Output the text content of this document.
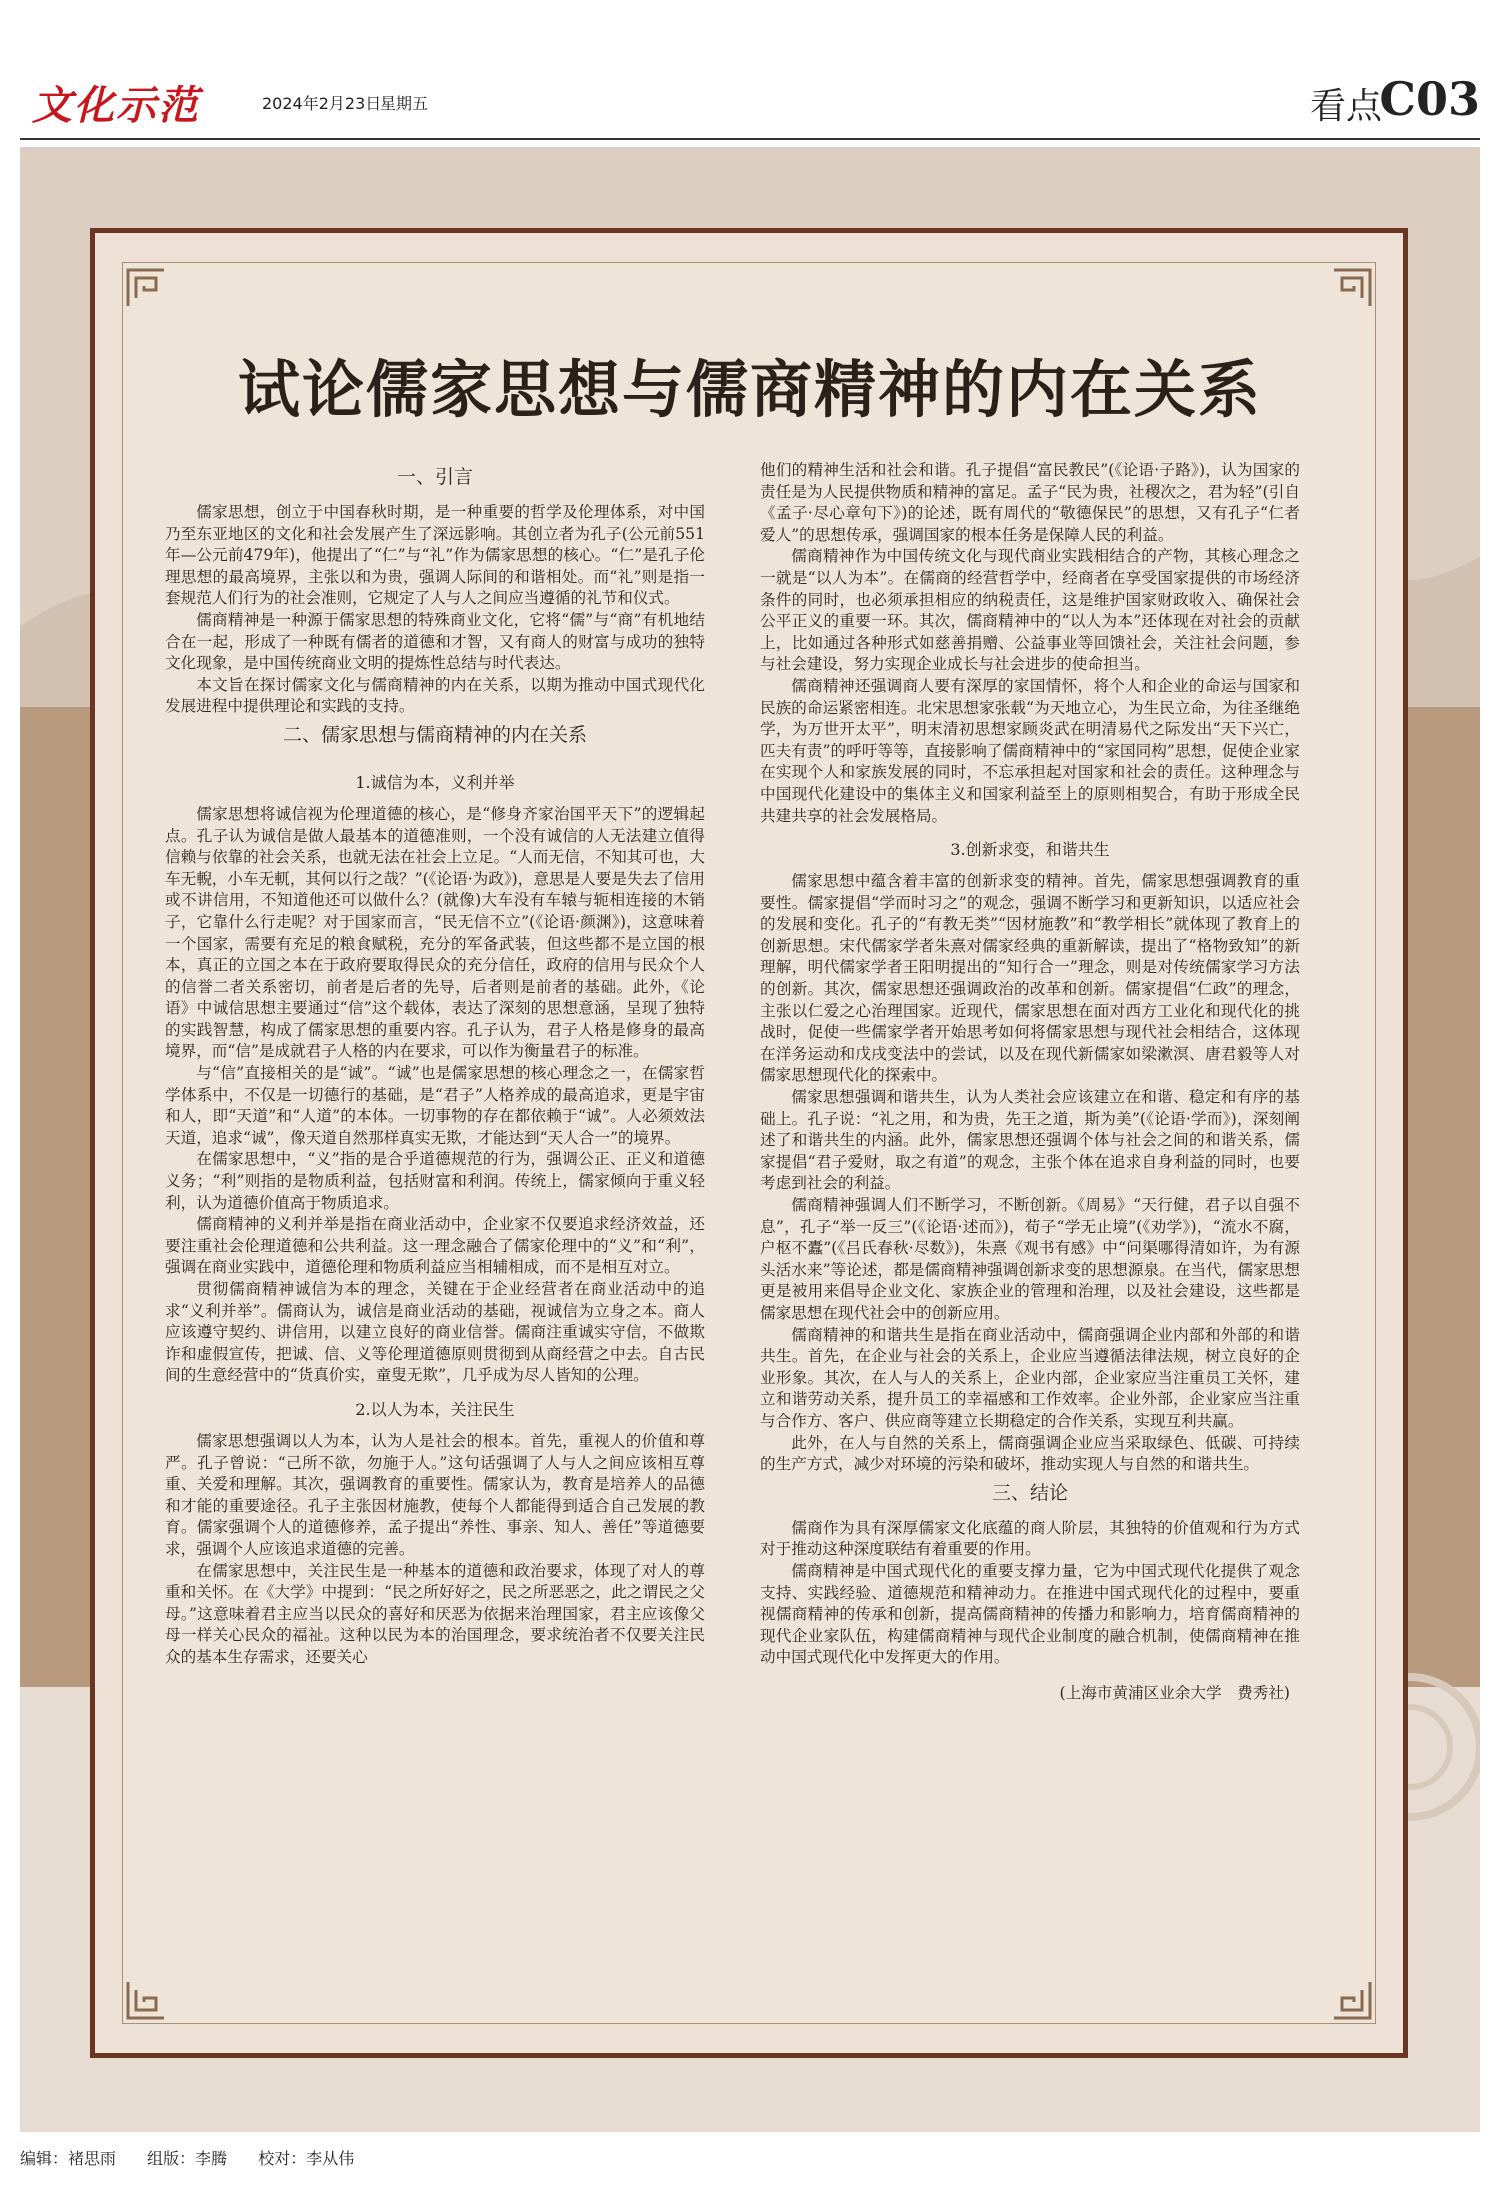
文化示范	2024年2月23日
星期五	看点
C03
试论儒家思想与儒商精神的内在关系
一、引言

儒家思想，创立于中国春秋时期，是一种重要的哲学及伦理体系，对中国乃至东亚地区的文化和社会发展产生了深远影响。其创立者为孔子(公元前551年—公元前479年)，他提出了“仁”与“礼”作为儒家思想的核心。“仁”是孔子伦理思想的最高境界，主张以和为贵，强调人际间的和谐相处。而“礼”则是指一套规范人们行为的社会准则，它规定了人与人之间应当遵循的礼节和仪式。

儒商精神是一种源于儒家思想的特殊商业文化，它将“儒”与“商”有机地结合在一起，形成了一种既有儒者的道德和才智，又有商人的财富与成功的独特文化现象，是中国传统商业文明的提炼性总结与时代表达。

本文旨在探讨儒家文化与儒商精神的内在关系，以期为推动中国式现代化发展进程中提供理论和实践的支持。

二、儒家思想与儒商精神的内在关系
1.诚信为本，义利并举

儒家思想将诚信视为伦理道德的核心，是“修身齐家治国平天下”的逻辑起点。孔子认为诚信是做人最基本的道德准则，一个没有诚信的人无法建立值得信赖与依靠的社会关系，也就无法在社会上立足。“人而无信，不知其可也，大车无輗，小车无軏，其何以行之哉？”(《论语·为政》)，意思是人要是失去了信用或不讲信用，不知道他还可以做什么？(就像)大车没有车辕与轭相连接的木销子，它靠什么行走呢？对于国家而言，“民无信不立”(《论语·颜渊》)，这意味着一个国家，需要有充足的粮食赋税，充分的军备武装，但这些都不是立国的根本，真正的立国之本在于政府要取得民众的充分信任，政府的信用与民众个人的信誉二者关系密切，前者是后者的先导，后者则是前者的基础。此外，《论语》中诚信思想主要通过“信”这个载体，表达了深刻的思想意涵，呈现了独特的实践智慧，构成了儒家思想的重要内容。孔子认为，君子人格是修身的最高境界，而“信”是成就君子人格的内在要求，可以作为衡量君子的标准。

与“信”直接相关的是“诚”。“诚”也是儒家思想的核心理念之一，在儒家哲学体系中，不仅是一切德行的基础，是“君子”人格养成的最高追求，更是宇宙和人，即“天道”和“人道”的本体。一切事物的存在都依赖于“诚”。人必须效法天道，追求“诚”，像天道自然那样真实无欺，才能达到“天人合一”的境界。

在儒家思想中，“义”指的是合乎道德规范的行为，强调公正、正义和道德义务；“利”则指的是物质利益，包括财富和利润。传统上，儒家倾向于重义轻利，认为道德价值高于物质追求。

儒商精神的义利并举是指在商业活动中，企业家不仅要追求经济效益，还要注重社会伦理道德和公共利益。这一理念融合了儒家伦理中的“义”和“利”，强调在商业实践中，道德伦理和物质利益应当相辅相成，而不是相互对立。

贯彻儒商精神诚信为本的理念，关键在于企业经营者在商业活动中的追求“义利并举”。儒商认为，诚信是商业活动的基础，视诚信为立身之本。商人应该遵守契约、讲信用，以建立良好的商业信誉。儒商注重诚实守信，不做欺诈和虚假宣传，把诚、信、义等伦理道德原则贯彻到从商经营之中去。自古民间的生意经营中的“货真价实，童叟无欺”，几乎成为尽人皆知的公理。

2.以人为本，关注民生

儒家思想强调以人为本，认为人是社会的根本。首先，重视人的价值和尊严。孔子曾说：“己所不欲，勿施于人。”这句话强调了人与人之间应该相互尊重、关爱和理解。其次，强调教育的重要性。儒家认为，教育是培养人的品德和才能的重要途径。孔子主张因材施教，使每个人都能得到适合自己发展的教育。儒家强调个人的道德修养，孟子提出“养性、事亲、知人、善任”等道德要求，强调个人应该追求道德的完善。

在儒家思想中，关注民生是一种基本的道德和政治要求，体现了对人的尊重和关怀。在《大学》中提到：“民之所好好之，民之所恶恶之，此之谓民之父母。”这意味着君主应当以民众的喜好和厌恶为依据来治理国家，君主应该像父母一样关心民众的福祉。这种以民为本的治国理念，要求统治者不仅要关注民众的基本生存需求，还要关心

他们的精神生活和社会和谐。孔子提倡“富民教民”(《论语·子路》)，认为国家的责任是为人民提供物质和精神的富足。孟子“民为贵，社稷次之，君为轻”(引自《孟子·尽心章句下》)的论述，既有周代的“敬德保民”的思想，又有孔子“仁者爱人”的思想传承，强调国家的根本任务是保障人民的利益。

儒商精神作为中国传统文化与现代商业实践相结合的产物，其核心理念之一就是“以人为本”。在儒商的经营哲学中，经商者在享受国家提供的市场经济条件的同时，也必须承担相应的纳税责任，这是维护国家财政收入、确保社会公平正义的重要一环。其次，儒商精神中的“以人为本”还体现在对社会的贡献上，比如通过各种形式如慈善捐赠、公益事业等回馈社会，关注社会问题，参与社会建设，努力实现企业成长与社会进步的使命担当。

儒商精神还强调商人要有深厚的家国情怀，将个人和企业的命运与国家和民族的命运紧密相连。北宋思想家张载“为天地立心，为生民立命，为往圣继绝学，为万世开太平”，明末清初思想家顾炎武在明清易代之际发出“天下兴亡，匹夫有责”的呼吁等等，直接影响了儒商精神中的“家国同构”思想，促使企业家在实现个人和家族发展的同时，不忘承担起对国家和社会的责任。这种理念与中国现代化建设中的集体主义和国家利益至上的原则相契合，有助于形成全民共建共享的社会发展格局。

3.创新求变，和谐共生

儒家思想中蕴含着丰富的创新求变的精神。首先，儒家思想强调教育的重要性。儒家提倡“学而时习之”的观念，强调不断学习和更新知识，以适应社会的发展和变化。孔子的“有教无类”“因材施教”和“教学相长”就体现了教育上的创新思想。宋代儒家学者朱熹对儒家经典的重新解读，提出了“格物致知”的新理解，明代儒家学者王阳明提出的“知行合一”理念，则是对传统儒家学习方法的创新。其次，儒家思想还强调政治的改革和创新。儒家提倡“仁政”的理念，主张以仁爱之心治理国家。近现代，儒家思想在面对西方工业化和现代化的挑战时，促使一些儒家学者开始思考如何将儒家思想与现代社会相结合，这体现在洋务运动和戊戌变法中的尝试，以及在现代新儒家如梁漱溟、唐君毅等人对儒家思想现代化的探索中。

儒家思想强调和谐共生，认为人类社会应该建立在和谐、稳定和有序的基础上。孔子说：“礼之用，和为贵，先王之道，斯为美”(《论语·学而》)，深刻阐述了和谐共生的内涵。此外，儒家思想还强调个体与社会之间的和谐关系，儒家提倡“君子爱财，取之有道”的观念，主张个体在追求自身利益的同时，也要考虑到社会的利益。

儒商精神强调人们不断学习，不断创新。《周易》“天行健，君子以自强不息”，孔子“举一反三”(《论语·述而》)，荀子“学无止境”(《劝学》)，“流水不腐，户枢不蠹”(《吕氏春秋·尽数》)，朱熹《观书有感》中“问渠哪得清如许，为有源头活水来”等论述，都是儒商精神强调创新求变的思想源泉。在当代，儒家思想更是被用来倡导企业文化、家族企业的管理和治理，以及社会建设，这些都是儒家思想在现代社会中的创新应用。

儒商精神的和谐共生是指在商业活动中，儒商强调企业内部和外部的和谐共生。首先，在企业与社会的关系上，企业应当遵循法律法规，树立良好的企业形象。其次，在人与人的关系上，企业内部，企业家应当注重员工关怀，建立和谐劳动关系，提升员工的幸福感和工作效率。企业外部，企业家应当注重与合作方、客户、供应商等建立长期稳定的合作关系，实现互利共赢。

此外，在人与自然的关系上，儒商强调企业应当采取绿色、低碳、可持续的生产方式，减少对环境的污染和破坏，推动实现人与自然的和谐共生。

三、结论

儒商作为具有深厚儒家文化底蕴的商人阶层，其独特的价值观和行为方式对于推动这种深度联结有着重要的作用。

儒商精神是中国式现代化的重要支撑力量，它为中国式现代化提供了观念支持、实践经验、道德规范和精神动力。在推进中国式现代化的过程中，要重视儒商精神的传承和创新，提高儒商精神的传播力和影响力，培育儒商精神的现代企业家队伍，构建儒商精神与现代企业制度的融合机制，使儒商精神在推动中国式现代化中发挥更大的作用。

(上海市黄浦区业余大学　费秀社)

编辑：褚思雨 组版：李腾 校对：李从伟
